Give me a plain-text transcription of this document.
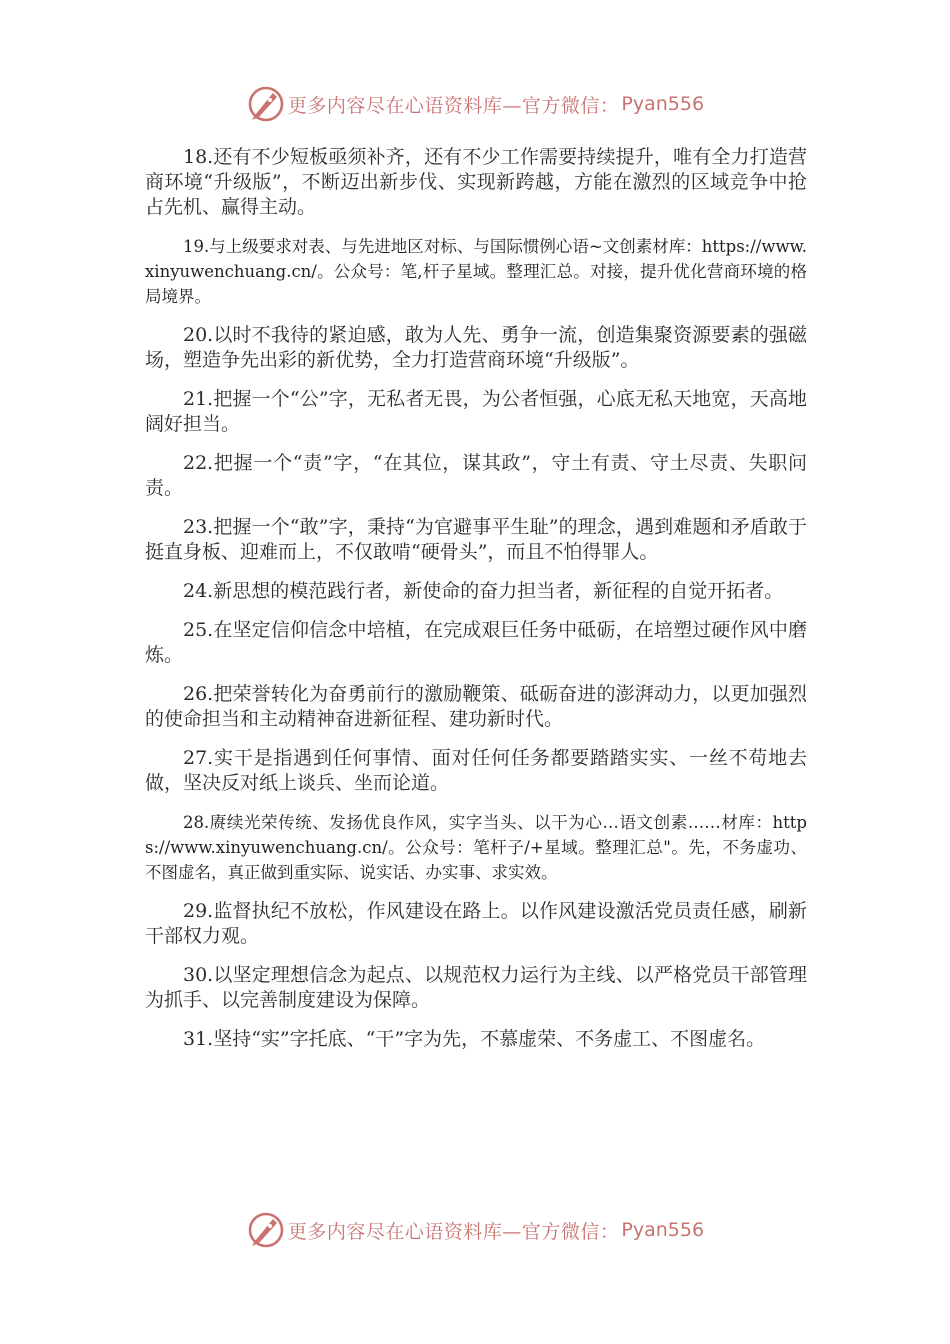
更多内容尽在心语资料库—官方微信： Pyan556

18.还有不少短板亟须补齐，还有不少工作需要持续提升，唯有全力打造营商环境“升级版”，不断迈出新步伐、实现新跨越，方能在激烈的区域竞争中抢占先机、赢得主动。

19.与上级要求对表、与先进地区对标、与国际惯例心语~文创素材库：https://www.xinyuwenchuang.cn/。公众号：笔,杆子星域。整理汇总。对接，提升优化营商环境的格局境界。

20.以时不我待的紧迫感，敢为人先、勇争一流，创造集聚资源要素的强磁场，塑造争先出彩的新优势，全力打造营商环境“升级版”。

21.把握一个“公”字，无私者无畏，为公者恒强，心底无私天地宽，天高地阔好担当。

22.把握一个“责”字，“在其位，谋其政”，守土有责、守土尽责、失职问责。

23.把握一个“敢”字，秉持“为官避事平生耻”的理念，遇到难题和矛盾敢于挺直身板、迎难而上，不仅敢啃“硬骨头”，而且不怕得罪人。

24.新思想的模范践行者，新使命的奋力担当者，新征程的自觉开拓者。

25.在坚定信仰信念中培植，在完成艰巨任务中砥砺，在培塑过硬作风中磨炼。

26.把荣誉转化为奋勇前行的激励鞭策、砥砺奋进的澎湃动力，以更加强烈的使命担当和主动精神奋进新征程、建功新时代。

27.实干是指遇到任何事情、面对任何任务都要踏踏实实、一丝不苟地去做，坚决反对纸上谈兵、坐而论道。

28.赓续光荣传统、发扬优良作风，实字当头、以干为心…语文创素……材库：https://www.xinyuwenchuang.cn/。公众号：笔杆子/+星域。整理汇总"。先，不务虚功、不图虚名，真正做到重实际、说实话、办实事、求实效。

29.监督执纪不放松，作风建设在路上。以作风建设激活党员责任感，刷新干部权力观。

30.以坚定理想信念为起点、以规范权力运行为主线、以严格党员干部管理为抓手、以完善制度建设为保障。

31.坚持“实”字托底、“干”字为先，不慕虚荣、不务虚工、不图虚名。

更多内容尽在心语资料库—官方微信： Pyan556
